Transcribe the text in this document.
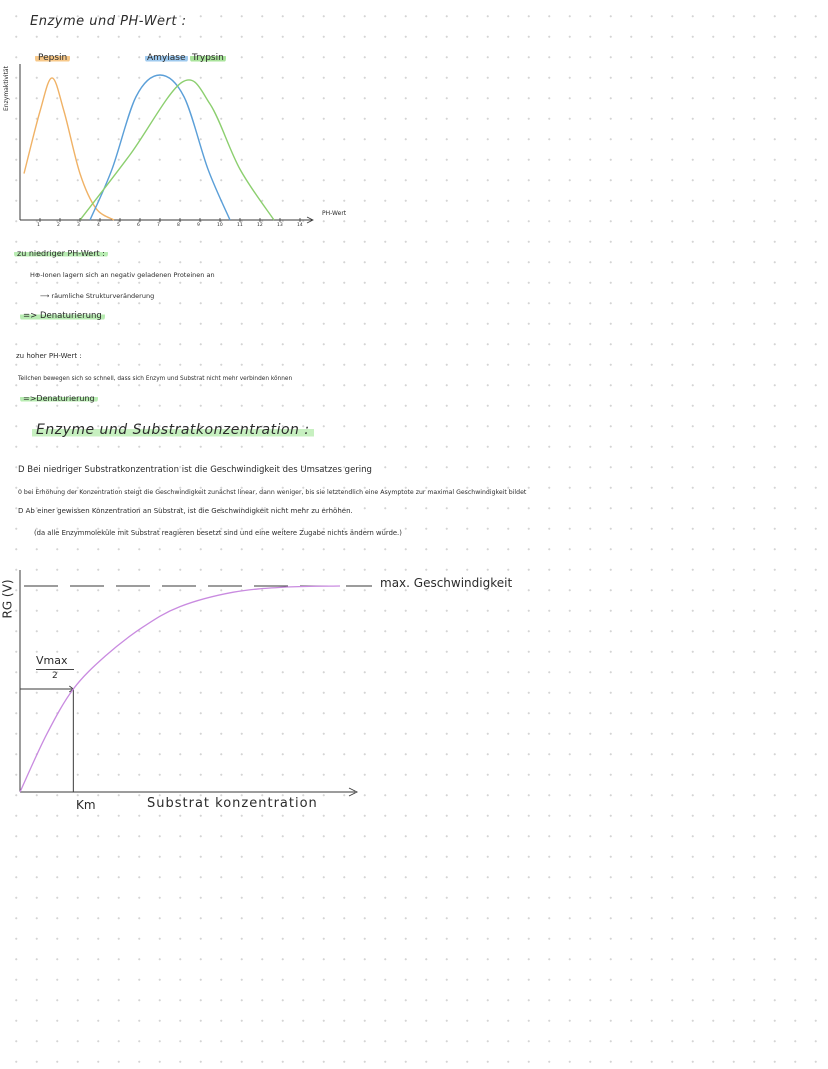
Enzyme und PH-Wert :
Enzymaktivität
Pepsin	Amylase Trypsin
PH-Wert
1	2	3	4	5	6	7	8	9	10	11	12	13	14
zu niedriger PH-Wert :
H⊕-Ionen lagern sich an negativ geladenen Proteinen an
⟶ räumliche Strukturveränderung
=> Denaturierung
zu hoher PH-Wert :
Teilchen bewegen sich so schnell, dass sich Enzym und Substrat nicht mehr verbinden können
=>Denaturierung
Enzyme und Substratkonzentration :
D Bei niedriger Substratkonzentration ist die Geschwindigkeit des Umsatzes gering
0 bei Erhöhung der Konzentration steigt die Geschwindigkeit zunächst linear, dann weniger, bis sie letztendlich eine Asymptote zur maximal Geschwindigkeit bildet
D Ab einer gewissen Konzentration an Substrat, ist die Geschwindigkeit nicht mehr zu erhöhen.
(da alle Enzymmoleküle mit Substrat reagieren besetzt sind und eine weitere Zugabe nichts ändern würde.)
RG (V)	max. Geschwindigkeit
Vmax
2
Km	Substrat konzentration
